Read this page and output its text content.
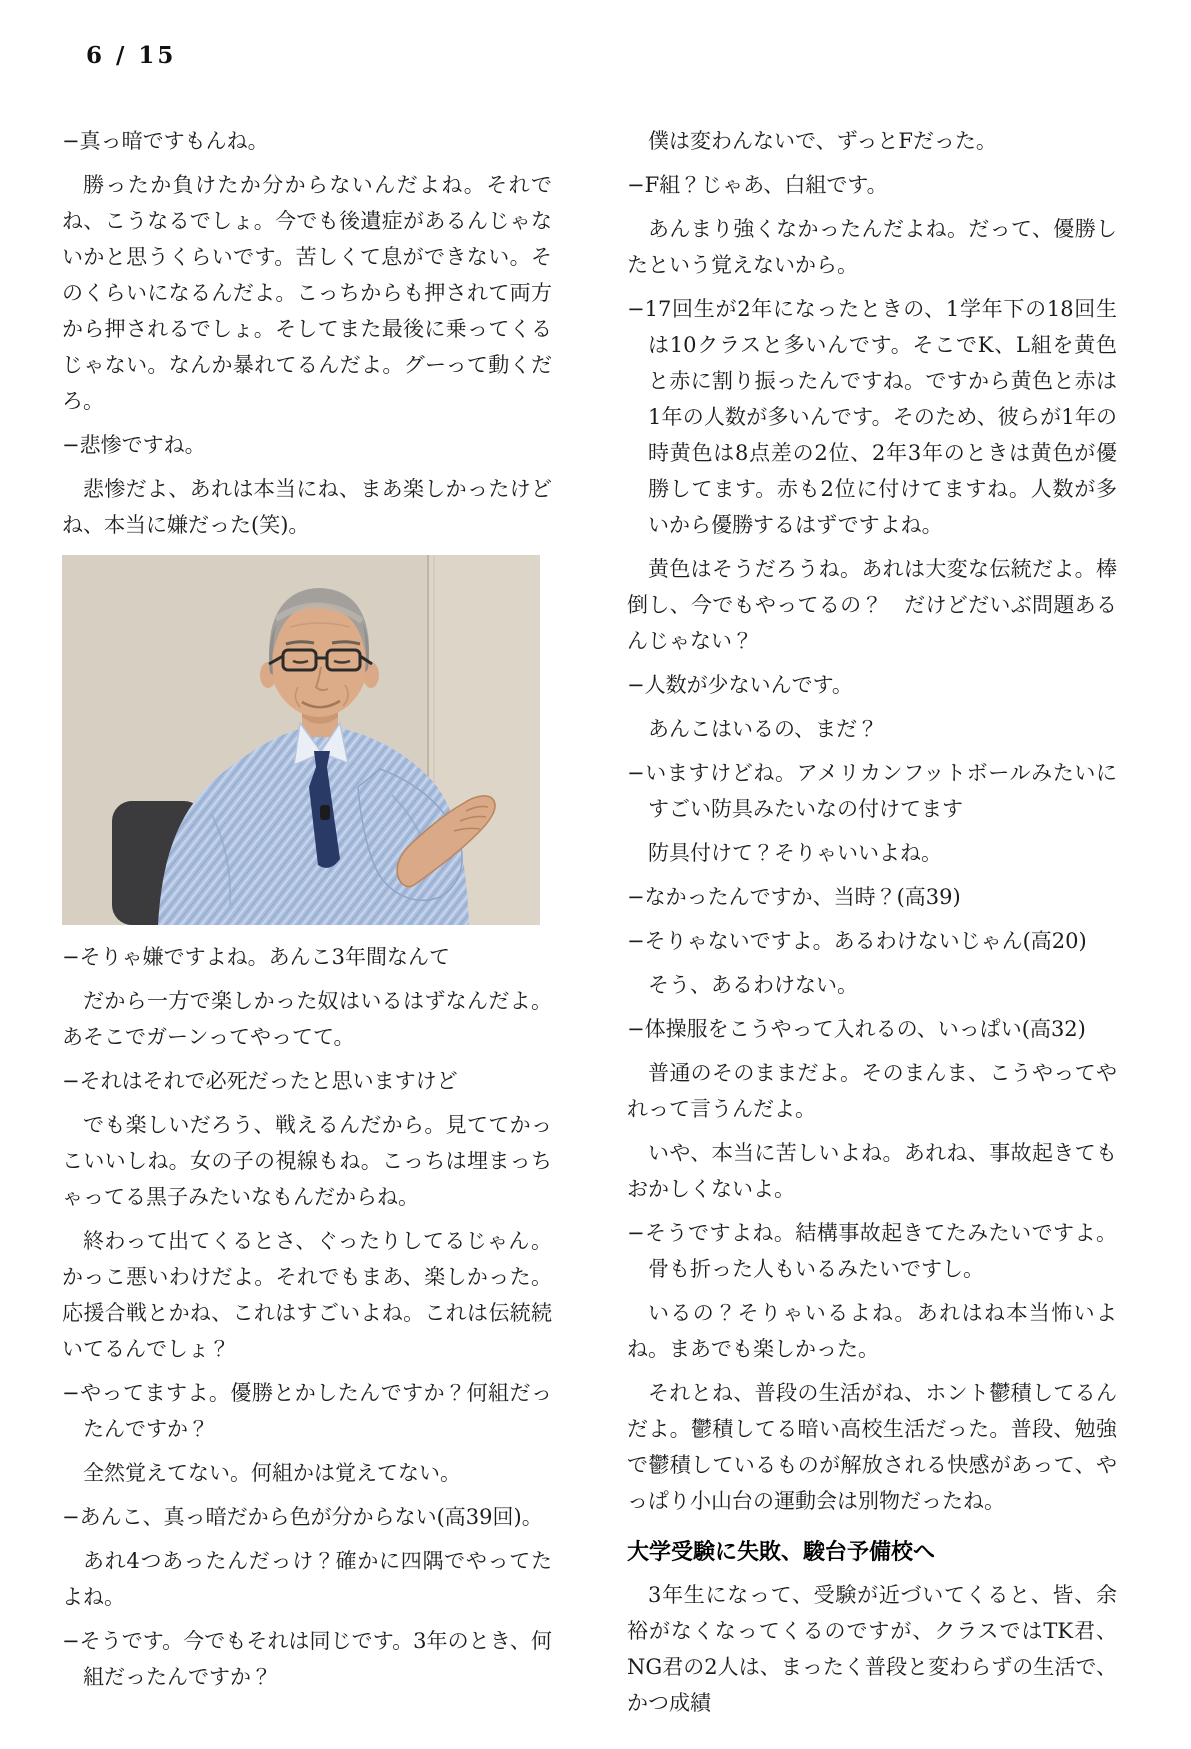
6 / 15

−真っ暗ですもんね。

勝ったか負けたか分からないんだよね。それでね、こうなるでしょ。今でも後遺症があるんじゃないかと思うくらいです。苦しくて息ができない。そのくらいになるんだよ。こっちからも押されて両方から押されるでしょ。そしてまた最後に乗ってくるじゃない。なんか暴れてるんだよ。グーって動くだろ。

−悲惨ですね。

悲惨だよ、あれは本当にね、まあ楽しかったけどね、本当に嫌だった(笑)。

−そりゃ嫌ですよね。あんこ3年間なんて

だから一方で楽しかった奴はいるはずなんだよ。あそこでガーンってやってて。

−それはそれで必死だったと思いますけど

でも楽しいだろう、戦えるんだから。見ててかっこいいしね。女の子の視線もね。こっちは埋まっちゃってる黒子みたいなもんだからね。

終わって出てくるとさ、ぐったりしてるじゃん。かっこ悪いわけだよ。それでもまあ、楽しかった。応援合戦とかね、これはすごいよね。これは伝統続いてるんでしょ？

−やってますよ。優勝とかしたんですか？何組だったんですか？

全然覚えてない。何組かは覚えてない。

−あんこ、真っ暗だから色が分からない(高39回)。

あれ4つあったんだっけ？確かに四隅でやってたよね。

−そうです。今でもそれは同じです。3年のとき、何組だったんですか？

僕は変わんないで、ずっとFだった。

−F組？じゃあ、白組です。

あんまり強くなかったんだよね。だって、優勝したという覚えないから。

−17回生が2年になったときの、1学年下の18回生は10クラスと多いんです。そこでK、L組を黄色と赤に割り振ったんですね。ですから黄色と赤は1年の人数が多いんです。そのため、彼らが1年の時黄色は8点差の2位、2年3年のときは黄色が優勝してます。赤も2位に付けてますね。人数が多いから優勝するはずですよね。

黄色はそうだろうね。あれは大変な伝統だよ。棒倒し、今でもやってるの？　だけどだいぶ問題あるんじゃない？

−人数が少ないんです。

あんこはいるの、まだ？

−いますけどね。アメリカンフットボールみたいにすごい防具みたいなの付けてます

防具付けて？そりゃいいよね。

−なかったんですか、当時？(高39)

−そりゃないですよ。あるわけないじゃん(高20)

そう、あるわけない。

−体操服をこうやって入れるの、いっぱい(高32)

普通のそのままだよ。そのまんま、こうやってやれって言うんだよ。

いや、本当に苦しいよね。あれね、事故起きてもおかしくないよ。

−そうですよね。結構事故起きてたみたいですよ。骨も折った人もいるみたいですし。

いるの？そりゃいるよね。あれはね本当怖いよね。まあでも楽しかった。

それとね、普段の生活がね、ホント鬱積してるんだよ。鬱積してる暗い高校生活だった。普段、勉強で鬱積しているものが解放される快感があって、やっぱり小山台の運動会は別物だったね。

大学受験に失敗、駿台予備校へ

3年生になって、受験が近づいてくると、皆、余裕がなくなってくるのですが、クラスではTK君、NG君の2人は、まったく普段と変わらずの生活で、かつ成績
